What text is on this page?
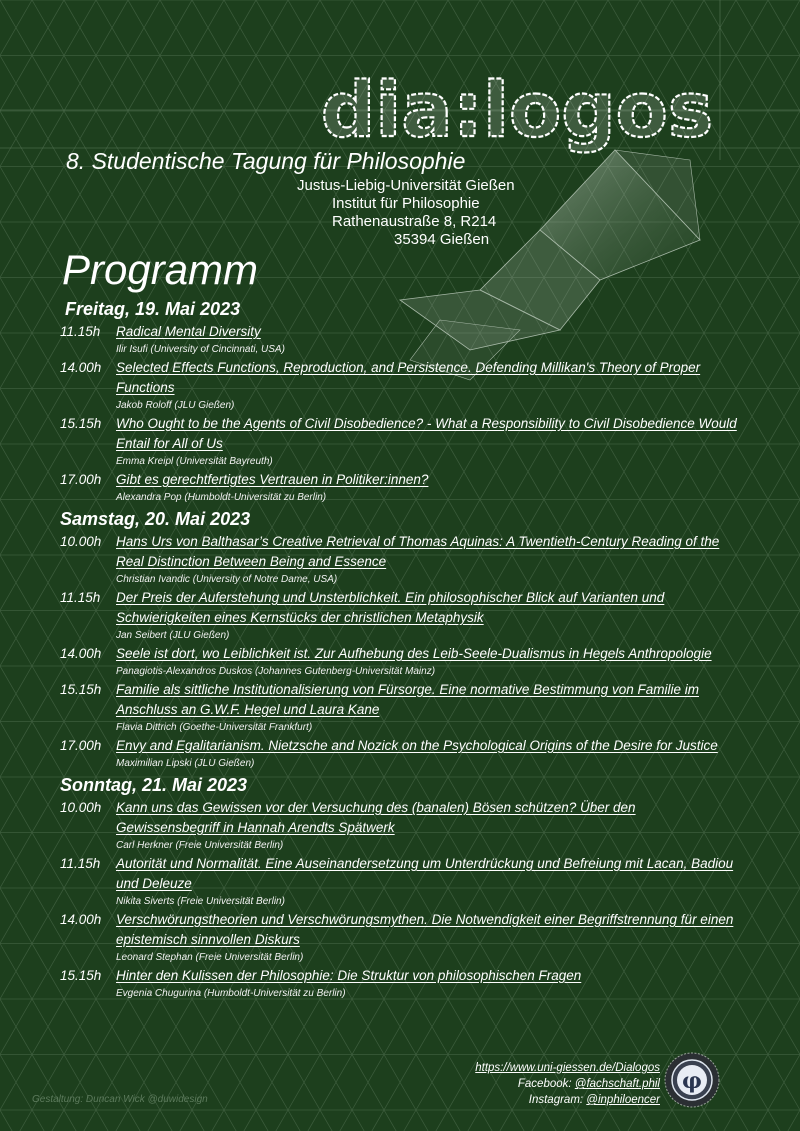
dia:logos
8. Studentische Tagung für Philosophie
Justus-Liebig-Universität Gießen
Institut für Philosophie
Rathenaustraße 8, R214
35394 Gießen
Programm
Freitag, 19. Mai 2023
11.15h	Radical Mental Diversity
Ilir Isufi (University of Cincinnati, USA)
14.00h	Selected Effects Functions, Reproduction, and Persistence. Defending Millikan's Theory of Proper Functions
Jakob Roloff (JLU Gießen)
15.15h	Who Ought to be the Agents of Civil Disobedience? - What a Responsibility to Civil Disobedience Would Entail for All of Us
Emma Kreipl (Universität Bayreuth)
17.00h	Gibt es gerechtfertigtes Vertrauen in Politiker:innen?
Alexandra Pop (Humboldt-Universität zu Berlin)
Samstag, 20. Mai 2023
10.00h	Hans Urs von Balthasar’s Creative Retrieval of Thomas Aquinas: A Twentieth-Century Reading of the Real Distinction Between Being and Essence
Christian Ivandic (University of Notre Dame, USA)
11.15h	Der Preis der Auferstehung und Unsterblichkeit. Ein philosophischer Blick auf Varianten und Schwierigkeiten eines Kernstücks der christlichen Metaphysik
Jan Seibert (JLU Gießen)
14.00h	Seele ist dort, wo Leiblichkeit ist. Zur Aufhebung des Leib-Seele-Dualismus in Hegels Anthropologie
Panagiotis-Alexandros Duskos (Johannes Gutenberg-Universität Mainz)
15.15h	Familie als sittliche Institutionalisierung von Fürsorge. Eine normative Bestimmung von Familie im Anschluss an G.W.F. Hegel und Laura Kane
Flavia Dittrich (Goethe-Universität Frankfurt)
17.00h	Envy and Egalitarianism. Nietzsche and Nozick on the Psychological Origins of the Desire for Justice
Maximilian Lipski (JLU Gießen)
Sonntag, 21. Mai 2023
10.00h	Kann uns das Gewissen vor der Versuchung des (banalen) Bösen schützen? Über den Gewissensbegriff in Hannah Arendts Spätwerk
Carl Herkner (Freie Universität Berlin)
11.15h	Autorität und Normalität. Eine Auseinandersetzung um Unterdrückung und Befreiung mit Lacan, Badiou und Deleuze
Nikita Siverts (Freie Universität Berlin)
14.00h	Verschwörungstheorien und Verschwörungsmythen. Die Notwendigkeit einer Begriffstrennung für einen epistemisch sinnvollen Diskurs
Leonard Stephan (Freie Universität Berlin)
15.15h	Hinter den Kulissen der Philosophie: Die Struktur von philosophischen Fragen
Evgenia Chugurina (Humboldt-Universität zu Berlin)
https://www.uni-giessen.de/Dialogos
Facebook: @fachschaft.phil
Instagram: @inphiloencer
φ
Gestaltung: Duncan Wick @duwidesign
